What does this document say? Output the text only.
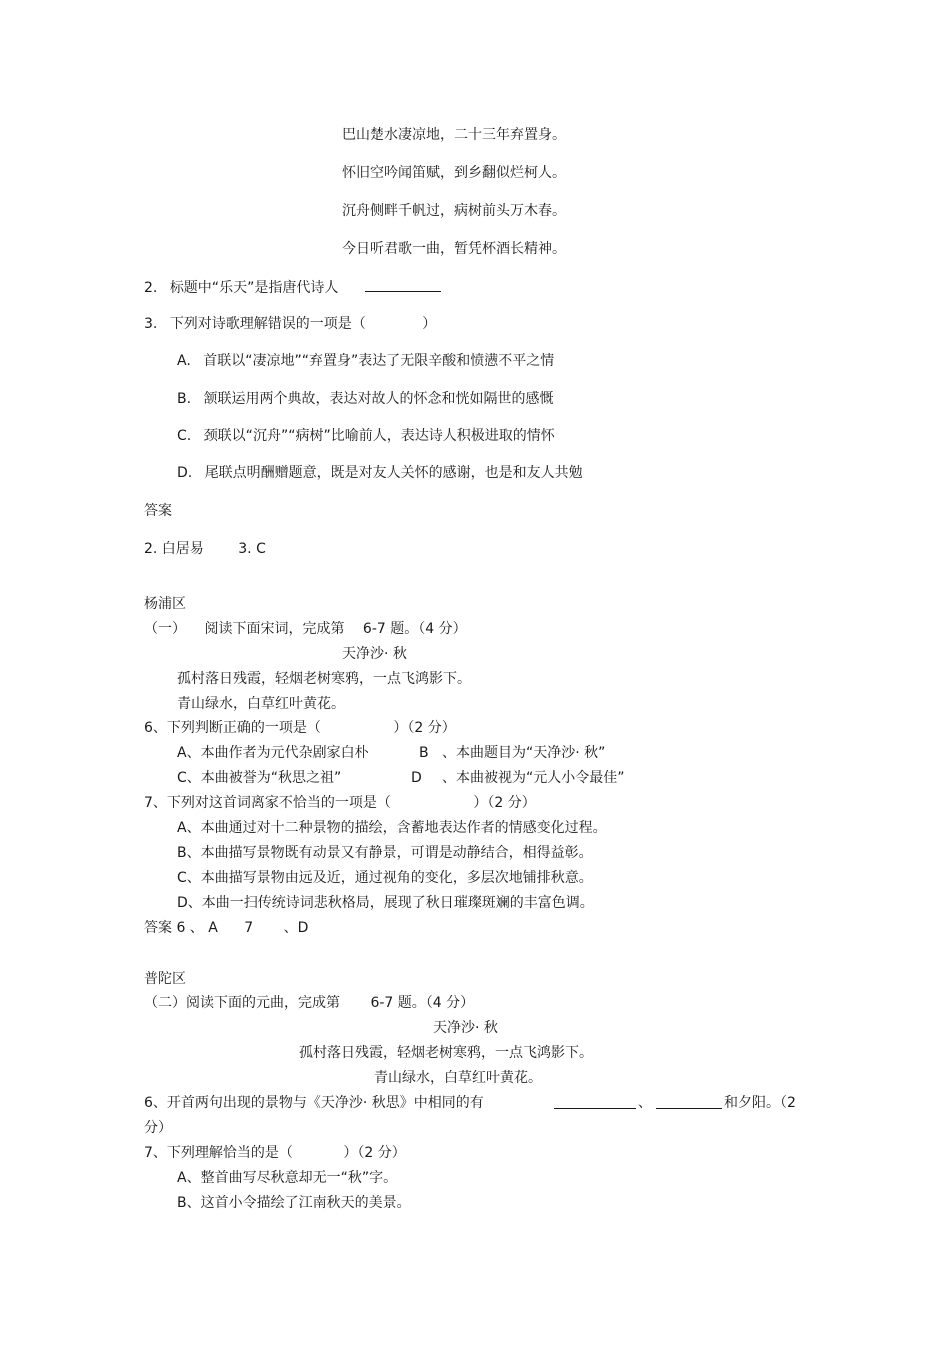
巴山楚水凄凉地，二十三年弃置身。
怀旧空吟闻笛赋，到乡翻似烂柯人。
沉舟侧畔千帆过，病树前头万木春。
今日听君歌一曲，暂凭杯酒长精神。
2. 标题中“乐天”是指唐代诗人
3. 下列对诗歌理解错误的一项是（	）
A. 首联以“凄凉地”“弃置身”表达了无限辛酸和愤懑不平之情
B. 颔联运用两个典故，表达对故人的怀念和恍如隔世的感慨
C. 颈联以“沉舟”“病树”比喻前人，表达诗人积极进取的情怀
D. 尾联点明酬赠题意，既是对友人关怀的感谢，也是和友人共勉
答案
2. 白居易 3. C
杨浦区
（一） 阅读下面宋词，完成第 6-7 题。（4 分）
天净沙· 秋
孤村落日残霞，轻烟老树寒鸦，一点飞鸿影下。
青山绿水，白草红叶黄花。
6、下列判断正确的一项是（	）（2 分）
A、本曲作者为元代杂剧家白朴	B 、本曲题目为“天净沙· 秋”
C、本曲被誉为“秋思之祖”	D 、本曲被视为“元人小令最佳”
7、下列对这首词离家不恰当的一项是（	）（2 分）
A、本曲通过对十二种景物的描绘，含蓄地表达作者的情感变化过程。
B、本曲描写景物既有动景又有静景，可谓是动静结合，相得益彰。
C、本曲描写景物由远及近，通过视角的变化，多层次地铺排秋意。
D、本曲一扫传统诗词悲秋格局，展现了秋日璀璨斑斓的丰富色调。
答案 6 、 A 7 、D
普陀区
（二）阅读下面的元曲，完成第 6-7 题。（4 分）
天净沙· 秋
孤村落日残霞，轻烟老树寒鸦，一点飞鸿影下。
青山绿水，白草红叶黄花。
6、开首两句出现的景物与《天净沙· 秋思》中相同的有	、	和夕阳。（2
分）
7、下列理解恰当的是（	）（2 分）
A、整首曲写尽秋意却无一“秋”字。
B、这首小令描绘了江南秋天的美景。
